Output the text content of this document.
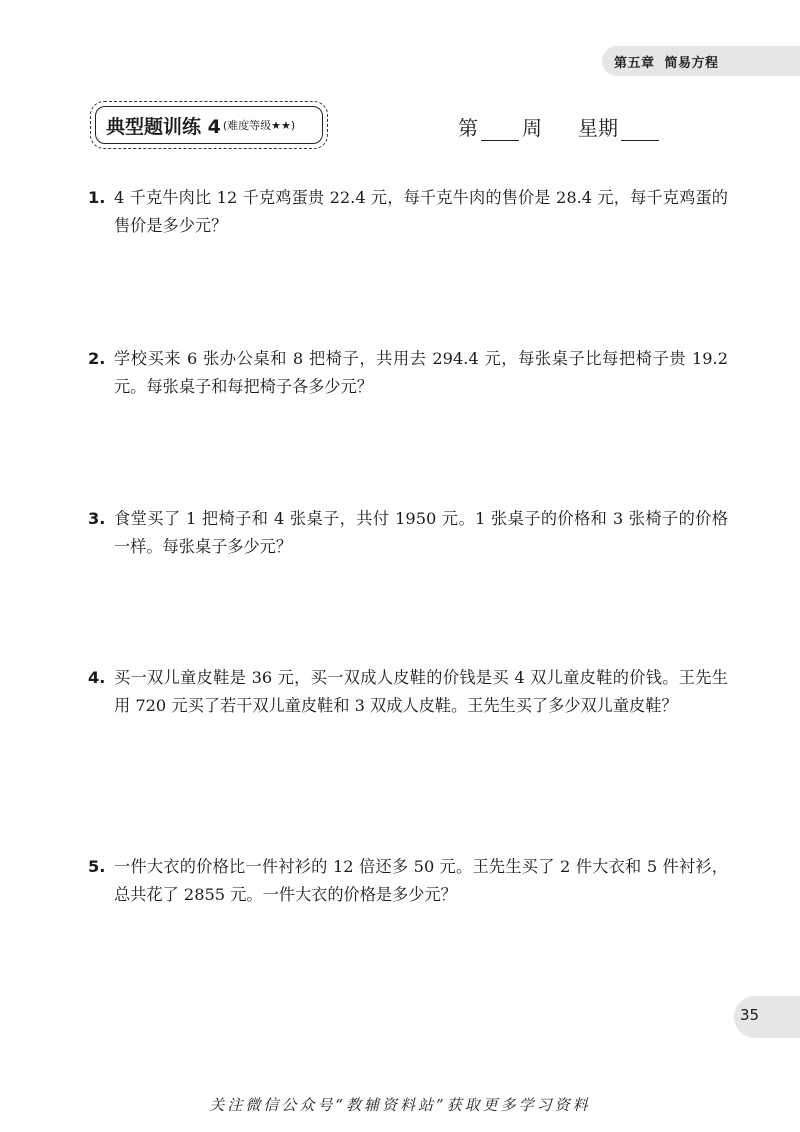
第五章 简易方程
典型题训练 4 (难度等级★★)	第 周 星期
1. 4 千克牛肉比 12 千克鸡蛋贵 22.4 元，每千克牛肉的售价是 28.4 元，每千克鸡蛋的售价是多少元？
2. 学校买来 6 张办公桌和 8 把椅子，共用去 294.4 元，每张桌子比每把椅子贵 19.2 元。每张桌子和每把椅子各多少元？
3. 食堂买了 1 把椅子和 4 张桌子，共付 1950 元。1 张桌子的价格和 3 张椅子的价格一样。每张桌子多少元？
4. 买一双儿童皮鞋是 36 元，买一双成人皮鞋的价钱是买 4 双儿童皮鞋的价钱。王先生用 720 元买了若干双儿童皮鞋和 3 双成人皮鞋。王先生买了多少双儿童皮鞋？
5. 一件大衣的价格比一件衬衫的 12 倍还多 50 元。王先生买了 2 件大衣和 5 件衬衫，总共花了 2855 元。一件大衣的价格是多少元？
35
关注微信公众号“教辅资料站”获取更多学习资料
